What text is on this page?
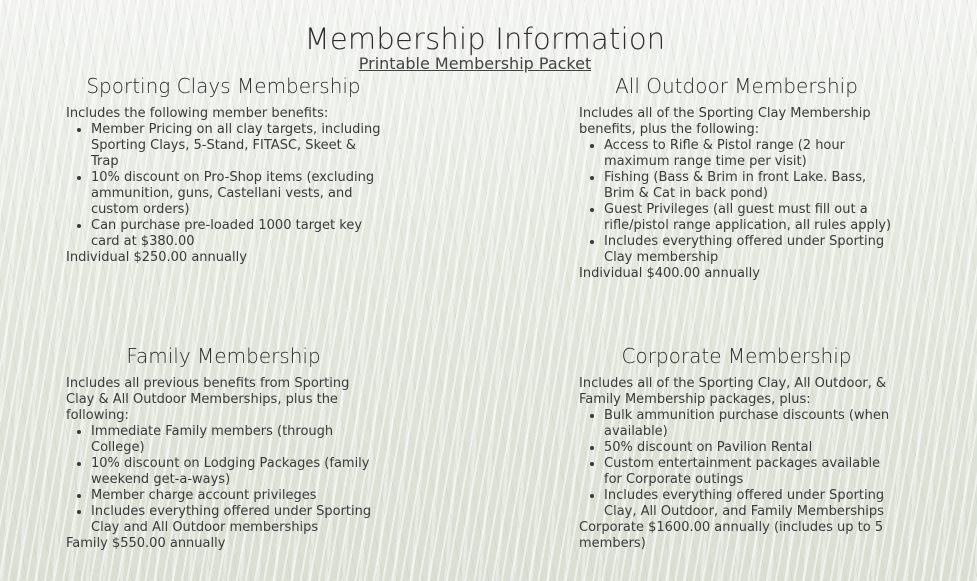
Membership Information
Printable Membership Packet
Sporting Clays Membership

Includes the following member benefits:

• Member Pricing on all clay targets, including Sporting Clays, 5-Stand, FITASC, Skeet & Trap
• 10% discount on Pro-Shop items (excluding ammunition, guns, Castellani vests, and custom orders)
• Can purchase pre-loaded 1000 target key card at $380.00
Individual $250.00 annually
All Outdoor Membership

Includes all of the Sporting Clay Membership benefits, plus the following:

• Access to Rifle & Pistol range (2 hour maximum range time per visit)
• Fishing (Bass & Brim in front Lake. Bass, Brim & Cat in back pond)
• Guest Privileges (all guest must fill out a rifle/pistol range application, all rules apply)
• Includes everything offered under Sporting Clay membership
Individual $400.00 annually
Family Membership

Includes all previous benefits from Sporting Clay & All Outdoor Memberships, plus the following:

• Immediate Family members (through College)
• 10% discount on Lodging Packages (family weekend get-a-ways)
• Member charge account privileges
• Includes everything offered under Sporting Clay and All Outdoor memberships
Family $550.00 annually
Corporate Membership

Includes all of the Sporting Clay, All Outdoor, & Family Membership packages, plus:

• Bulk ammunition purchase discounts (when available)
• 50% discount on Pavilion Rental
• Custom entertainment packages available for Corporate outings
• Includes everything offered under Sporting Clay, All Outdoor, and Family Memberships
Corporate $1600.00 annually (includes up to 5 members)
